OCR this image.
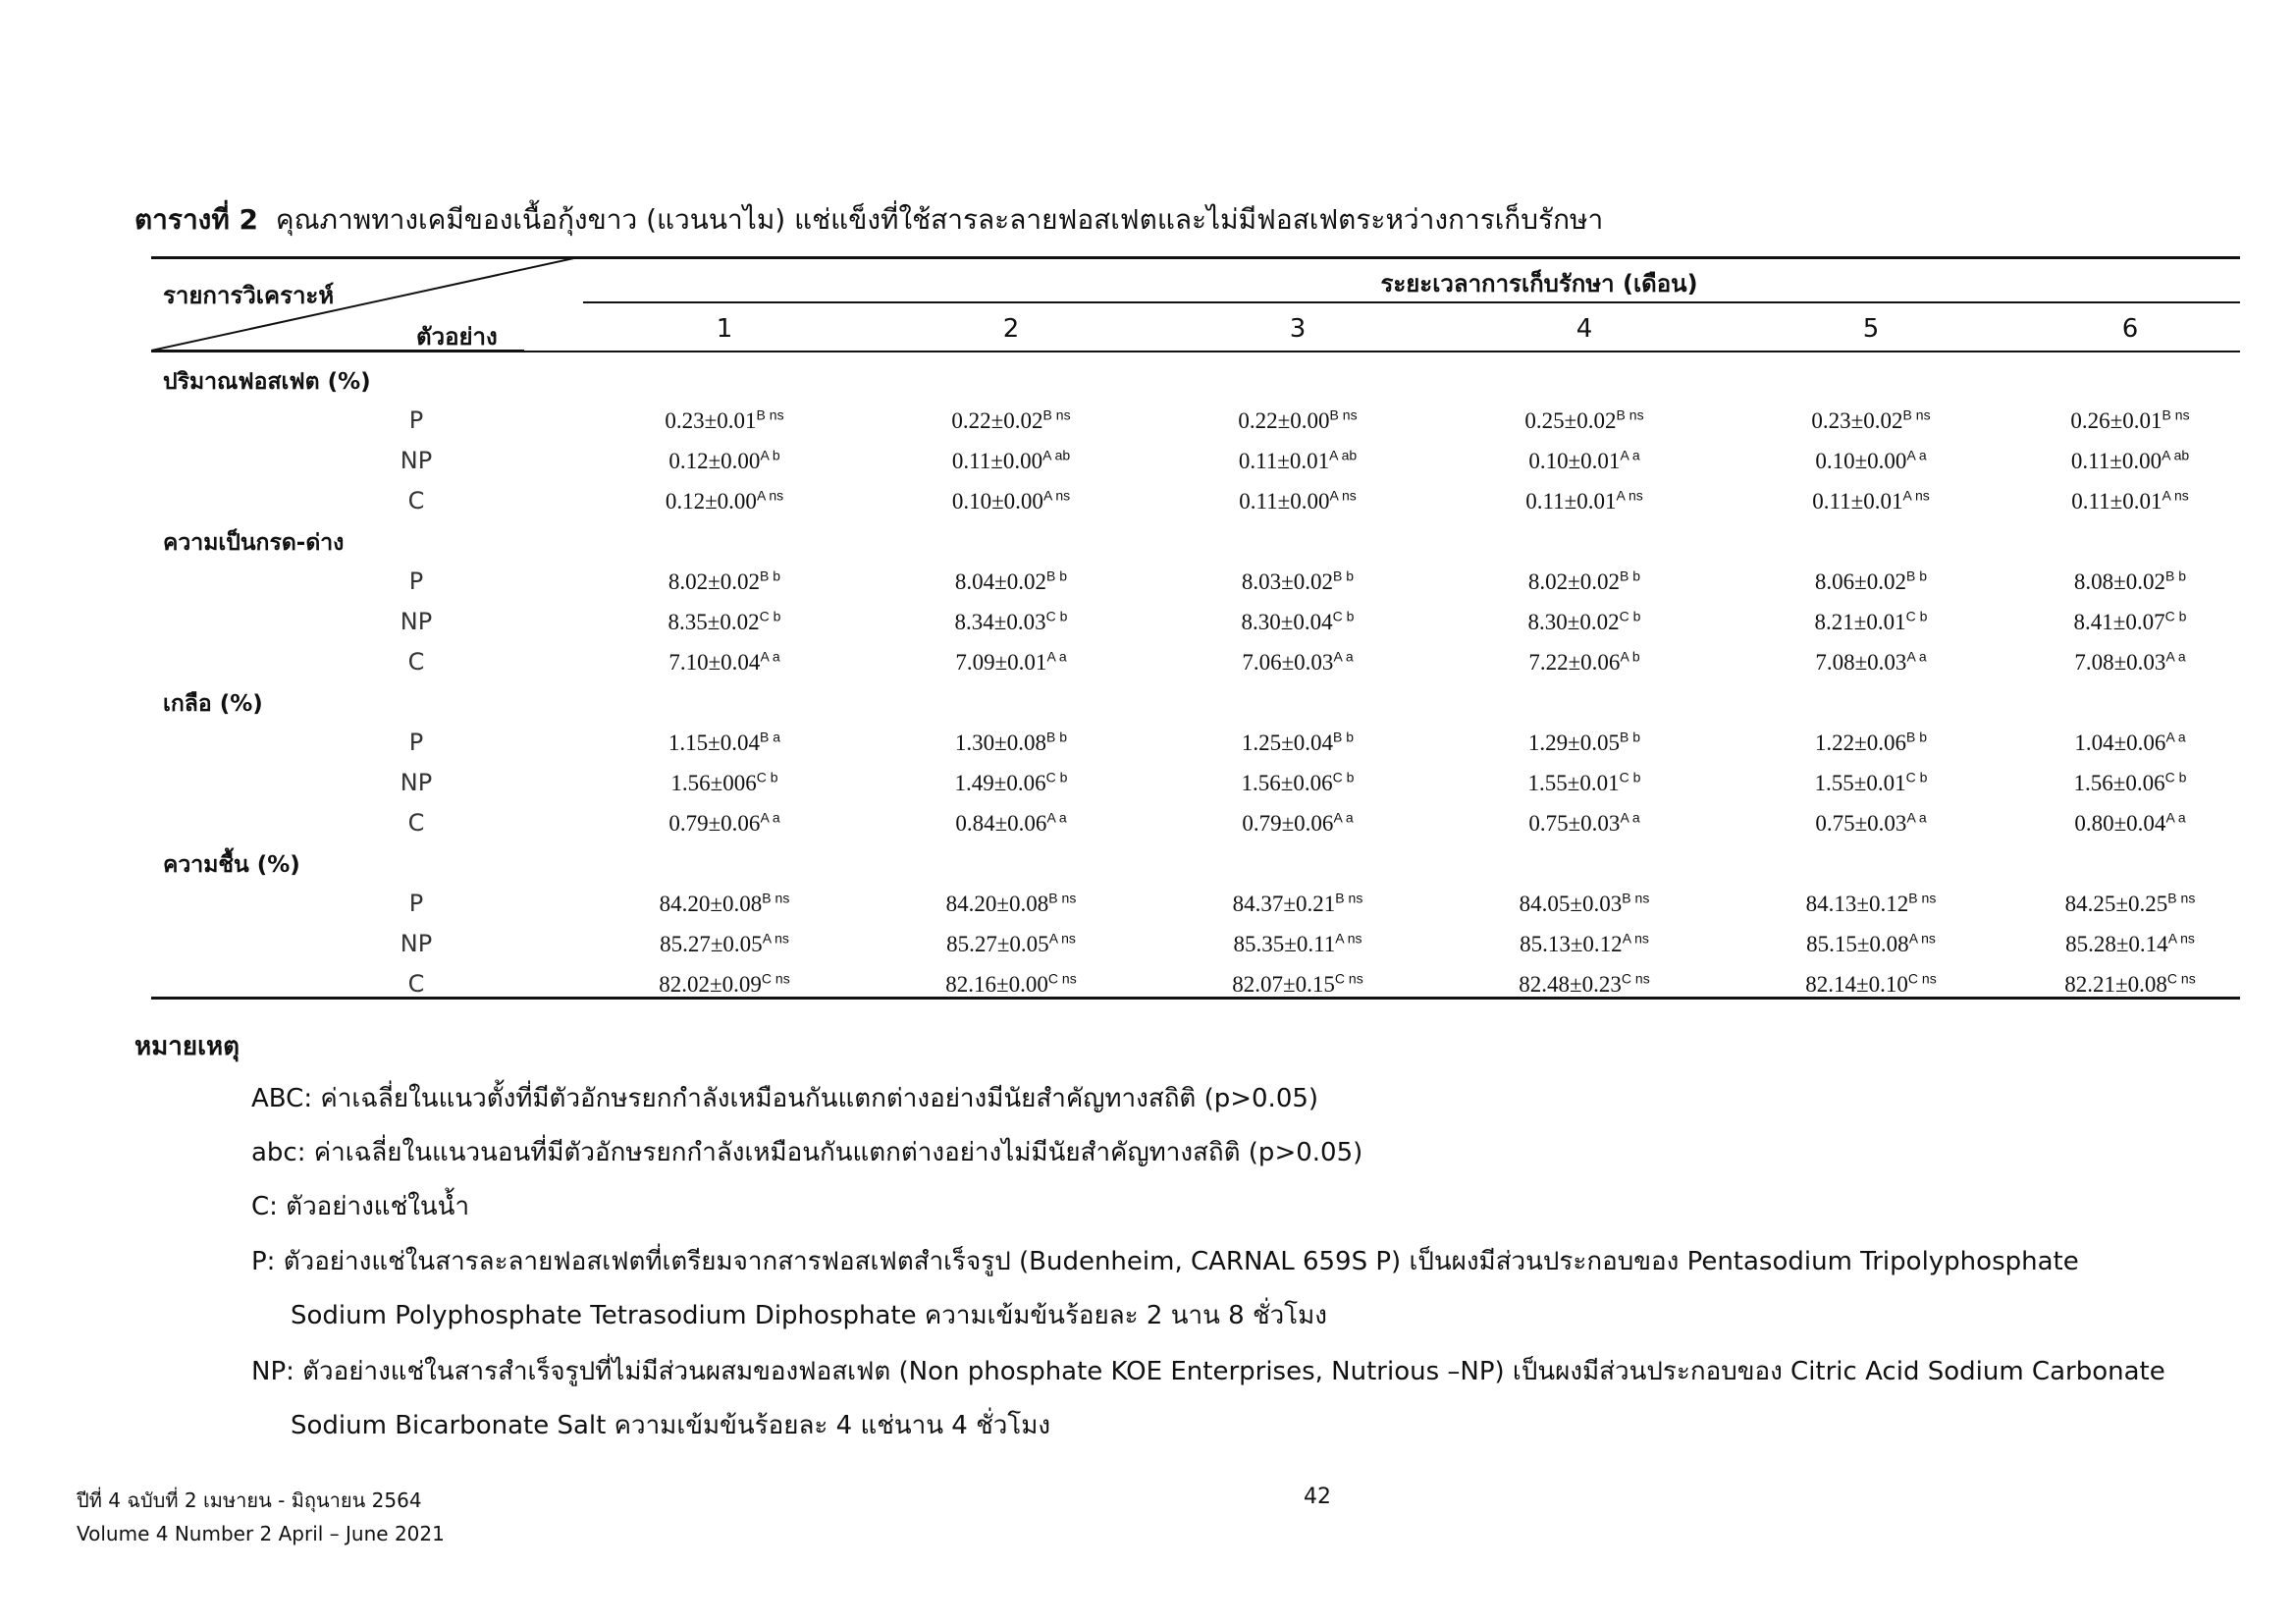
ตารางที่ 2 คุณภาพทางเคมีของเนื้อกุ้งขาว (แวนนาไม) แช่แข็งที่ใช้สารละลายฟอสเฟตและไม่มีฟอสเฟตระหว่างการเก็บรักษา
รายการวิเคราะห์
ตัวอย่าง
ระยะเวลาการเก็บรักษา (เดือน)
1	2	3	4	5	6
ปริมาณฟอสเฟต (%)
P	$0.23\pm 0.01^{B ns}$	$0.22\pm 0.02^{B ns}$	$0.22\pm 0.00^{B ns}$	$0.25\pm 0.02^{B ns}$	$0.23\pm 0.02^{B ns}$	$0.26\pm 0.01^{B ns}$
NP	$0.12\pm 0.00^{A b}$	$0.11\pm 0.00^{A ab}$	$0.11\pm 0.01^{A ab}$	$0.10\pm 0.01^{A a}$	$0.10\pm 0.00^{A a}$	$0.11\pm 0.00^{A ab}$
C	$0.12\pm 0.00^{A ns}$	$0.10\pm 0.00^{A ns}$	$0.11\pm 0.00^{A ns}$	$0.11\pm 0.01^{A ns}$	$0.11\pm 0.01^{A ns}$	$0.11\pm 0.01^{A ns}$
ความเป็นกรด-ด่าง
P	$8.02\pm 0.02^{B b}$	$8.04\pm 0.02^{B b}$	$8.03\pm 0.02^{B b}$	$8.02\pm 0.02^{B b}$	$8.06\pm 0.02^{B b}$	$8.08\pm 0.02^{B b}$
NP	$8.35\pm 0.02^{C b}$	$8.34\pm 0.03^{C b}$	$8.30\pm 0.04^{C b}$	$8.30\pm 0.02^{C b}$	$8.21\pm 0.01^{C b}$	$8.41\pm 0.07^{C b}$
C	$7.10\pm 0.04^{A a}$	$7.09\pm 0.01^{A a}$	$7.06\pm 0.03^{A a}$	$7.22\pm 0.06^{A b}$	$7.08\pm 0.03^{A a}$	$7.08\pm 0.03^{A a}$
เกลือ (%)
P	$1.15\pm 0.04^{B a}$	$1.30\pm 0.08^{B b}$	$1.25\pm 0.04^{B b}$	$1.29\pm 0.05^{B b}$	$1.22\pm 0.06^{B b}$	$1.04\pm 0.06^{A a}$
NP	$1.56\pm 006^{C b}$	$1.49\pm 0.06^{C b}$	$1.56\pm 0.06^{C b}$	$1.55\pm 0.01^{C b}$	$1.55\pm 0.01^{C b}$	$1.56\pm 0.06^{C b}$
C	$0.79\pm 0.06^{A a}$	$0.84\pm 0.06^{A a}$	$0.79\pm 0.06^{A a}$	$0.75\pm 0.03^{A a}$	$0.75\pm 0.03^{A a}$	$0.80\pm 0.04^{A a}$
ความชื้น (%)
P	$84.20\pm 0.08^{B ns}$	$84.20\pm 0.08^{B ns}$	$84.37\pm 0.21^{B ns}$	$84.05\pm 0.03^{B ns}$	$84.13\pm 0.12^{B ns}$	$84.25\pm 0.25^{B ns}$
NP	$85.27\pm 0.05^{A ns}$	$85.27\pm 0.05^{A ns}$	$85.35\pm 0.11^{A ns}$	$85.13\pm 0.12^{A ns}$	$85.15\pm 0.08^{A ns}$	$85.28\pm 0.14^{A ns}$
C	$82.02\pm 0.09^{C ns}$	$82.16\pm 0.00^{C ns}$	$82.07\pm 0.15^{C ns}$	$82.48\pm 0.23^{C ns}$	$82.14\pm 0.10^{C ns}$	$82.21\pm 0.08^{C ns}$
หมายเหตุ
ABC: ค่าเฉลี่ยในแนวตั้งที่มีตัวอักษรยกกำลังเหมือนกันแตกต่างอย่างมีนัยสำคัญทางสถิติ (p>0.05)
abc: ค่าเฉลี่ยในแนวนอนที่มีตัวอักษรยกกำลังเหมือนกันแตกต่างอย่างไม่มีนัยสำคัญทางสถิติ (p>0.05)
C: ตัวอย่างแช่ในน้ำ
P: ตัวอย่างแช่ในสารละลายฟอสเฟตที่เตรียมจากสารฟอสเฟตสำเร็จรูป (Budenheim, CARNAL 659S P) เป็นผงมีส่วนประกอบของ Pentasodium Tripolyphosphate
Sodium Polyphosphate Tetrasodium Diphosphate ความเข้มข้นร้อยละ 2 นาน 8 ชั่วโมง
NP: ตัวอย่างแช่ในสารสำเร็จรูปที่ไม่มีส่วนผสมของฟอสเฟต (Non phosphate KOE Enterprises, Nutrious –NP) เป็นผงมีส่วนประกอบของ Citric Acid Sodium Carbonate
Sodium Bicarbonate Salt ความเข้มข้นร้อยละ 4 แช่นาน 4 ชั่วโมง
ปีที่ 4 ฉบับที่ 2 เมษายน - มิถุนายน 2564
Volume 4 Number 2 April – June 2021
42
